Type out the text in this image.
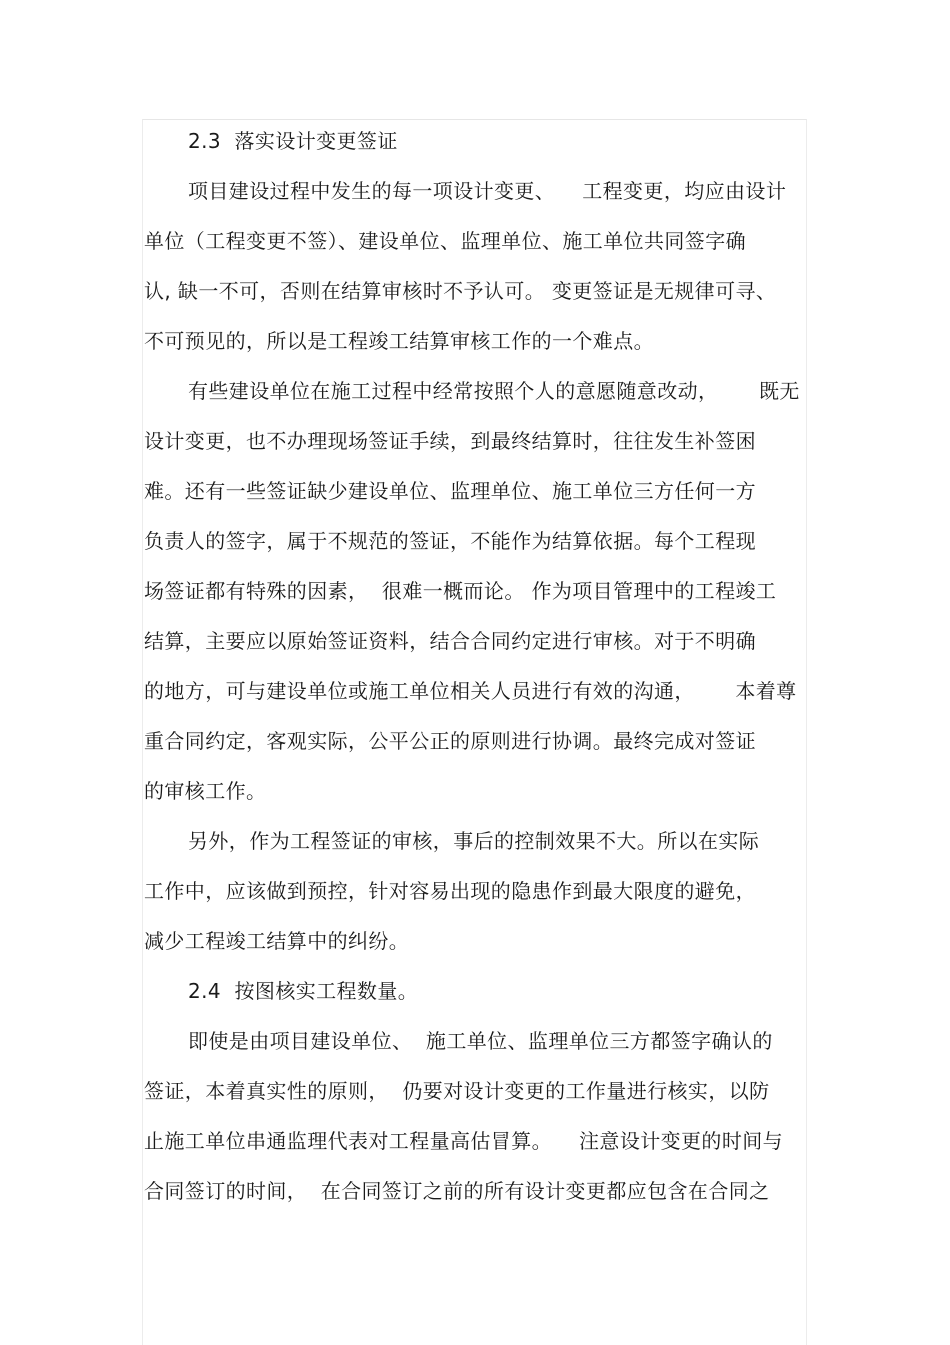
2.3  落实设计变更签证
项目建设过程中发生的每一项设计变更、    工程变更，均应由设计
单位（工程变更不签）、建设单位、监理单位、施工单位共同签字确
认, 缺一不可，否则在结算审核时不予认可。 变更签证是无规律可寻、
不可预见的，所以是工程竣工结算审核工作的一个难点。
有些建设单位在施工过程中经常按照个人的意愿随意改动，      既无
设计变更，也不办理现场签证手续，到最终结算时，往往发生补签困
难。还有一些签证缺少建设单位、监理单位、施工单位三方任何一方
负责人的签字，属于不规范的签证，不能作为结算依据。每个工程现
场签证都有特殊的因素，  很难一概而论。 作为项目管理中的工程竣工
结算，主要应以原始签证资料，结合合同约定进行审核。对于不明确
的地方，可与建设单位或施工单位相关人员进行有效的沟通，      本着尊
重合同约定，客观实际，公平公正的原则进行协调。最终完成对签证
的审核工作。
另外，作为工程签证的审核，事后的控制效果不大。所以在实际
工作中，应该做到预控，针对容易出现的隐患作到最大限度的避免，
减少工程竣工结算中的纠纷。
2.4  按图核实工程数量。
即使是由项目建设单位、  施工单位、监理单位三方都签字确认的
签证，本着真实性的原则，  仍要对设计变更的工作量进行核实，以防
止施工单位串通监理代表对工程量高估冒算。    注意设计变更的时间与
合同签订的时间，  在合同签订之前的所有设计变更都应包含在合同之
